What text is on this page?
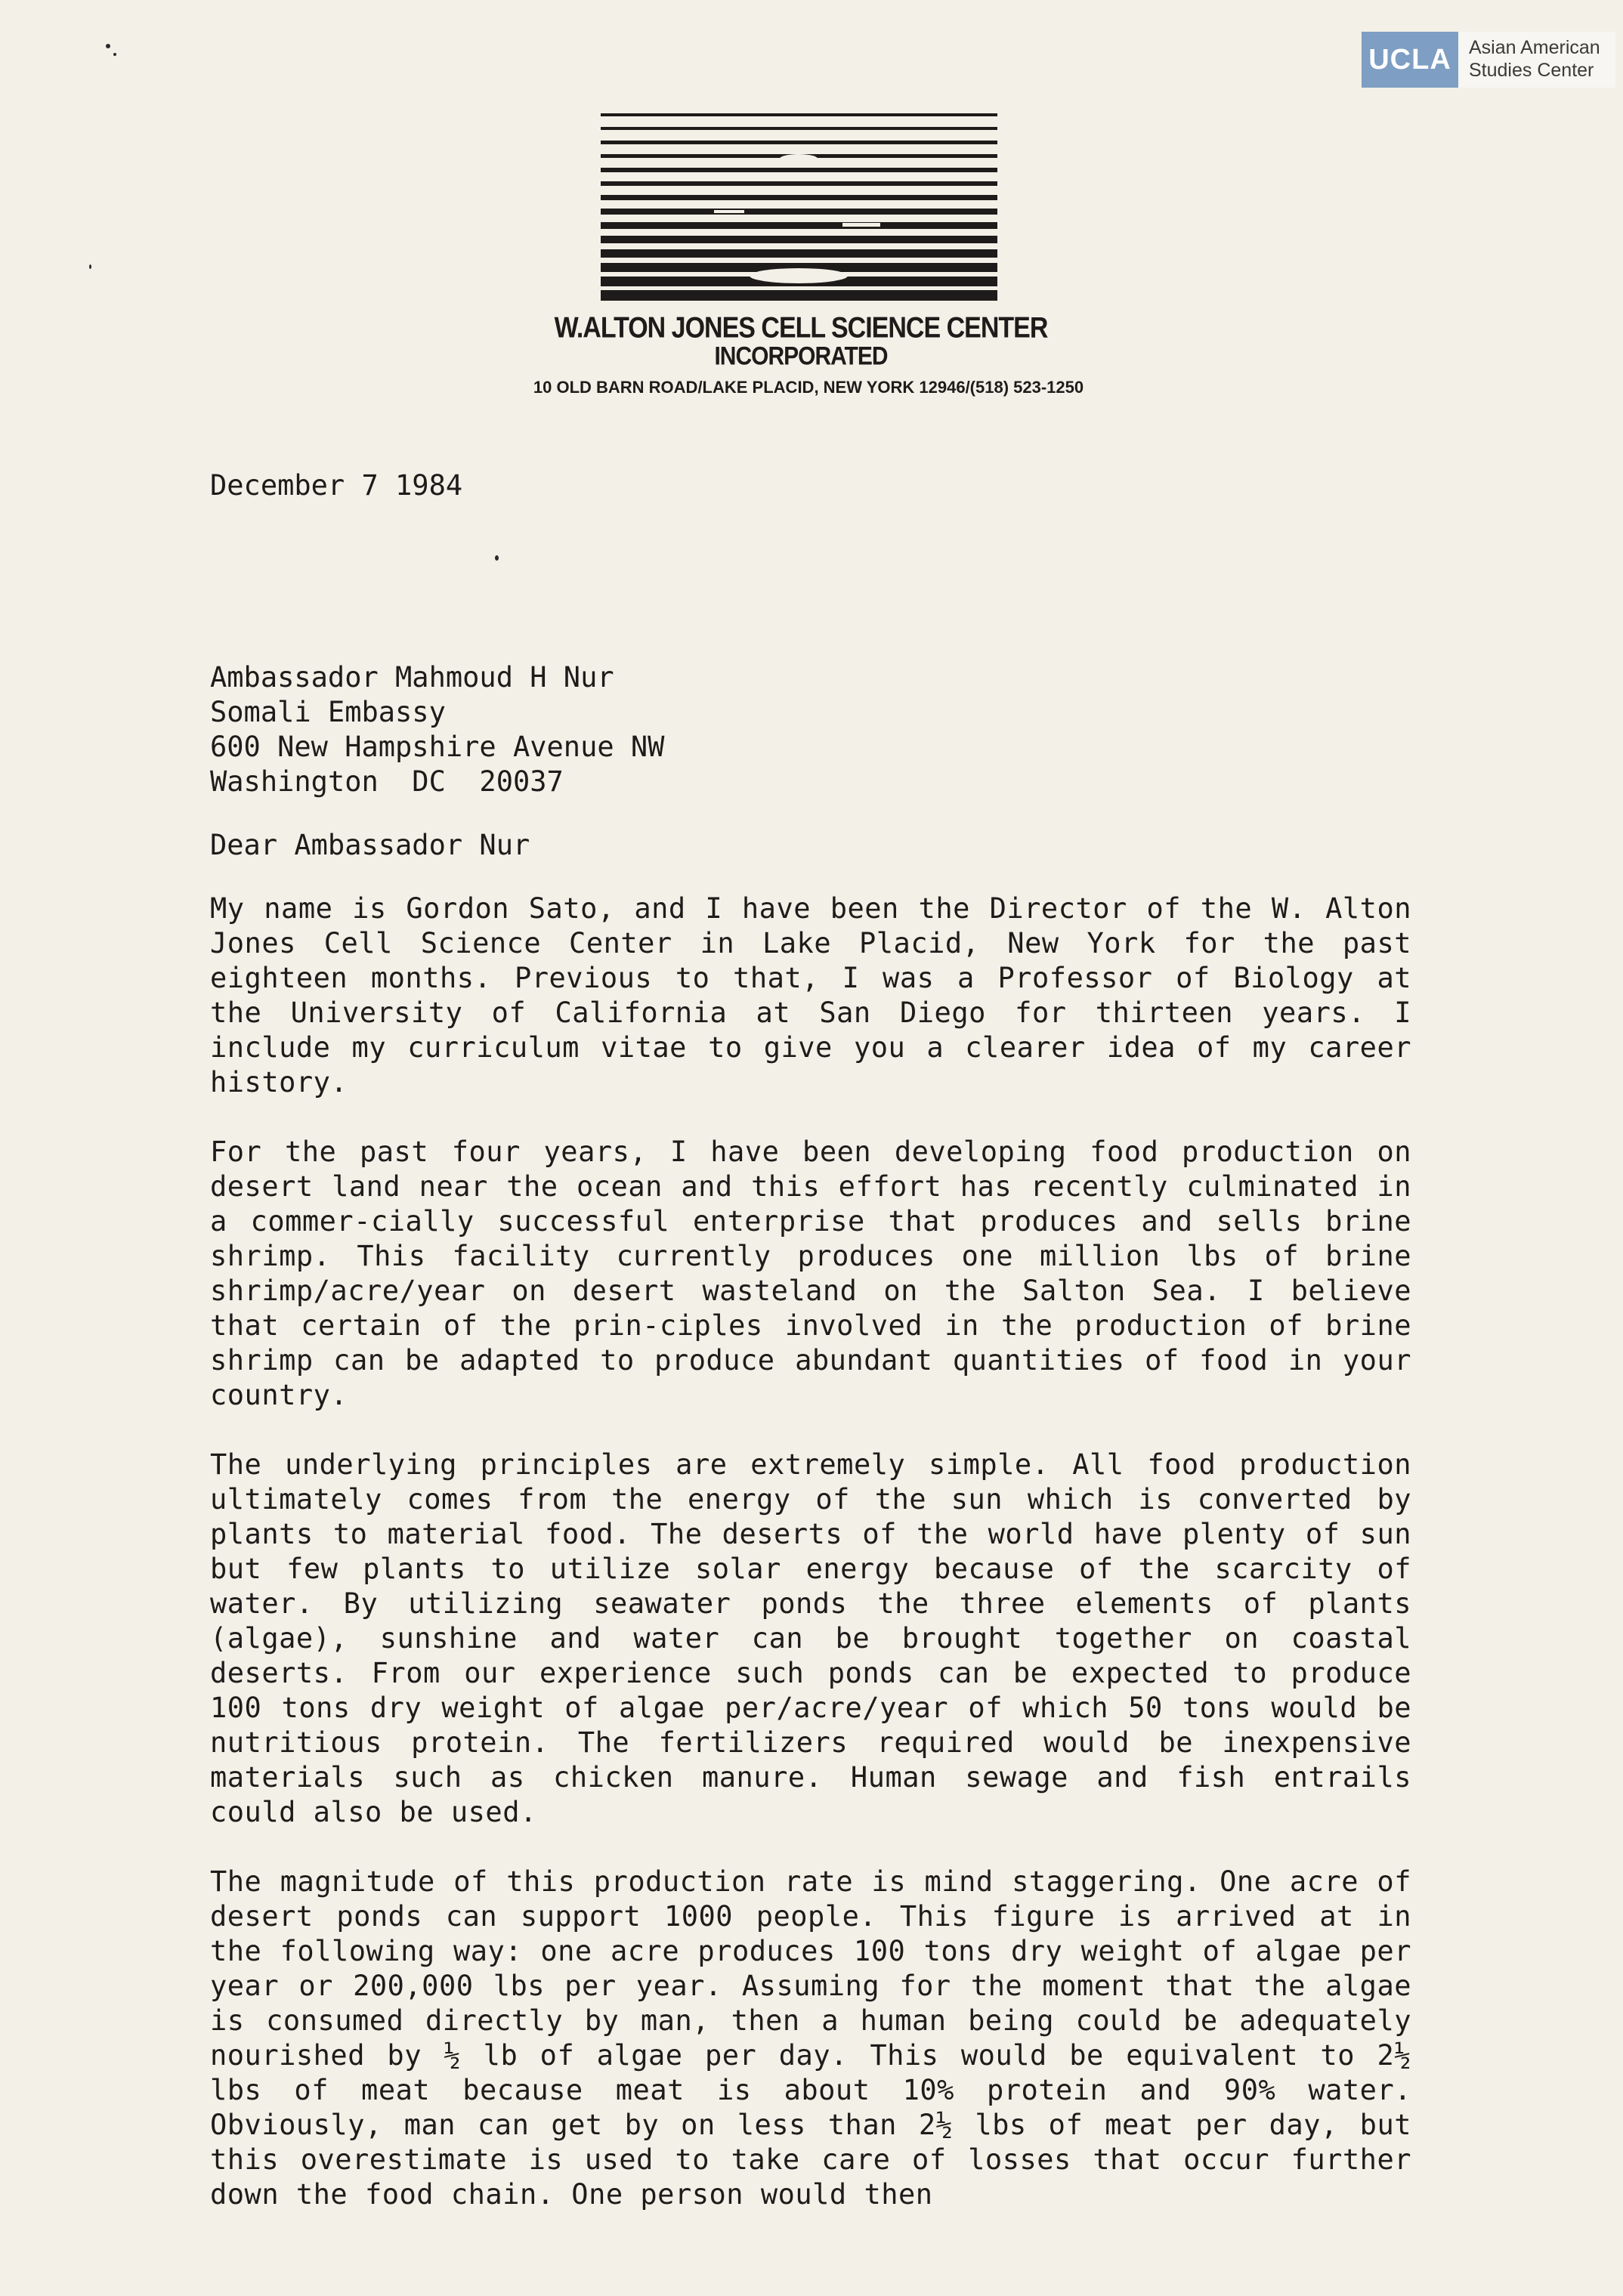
UCLA Asian American
Studies Center
W.ALTON JONES CELL SCIENCE CENTER
INCORPORATED
10 OLD BARN ROAD/LAKE PLACID, NEW YORK 12946/(518) 523-1250
December 7 1984
Ambassador Mahmoud H Nur
Somali Embassy
600 New Hampshire Avenue NW
Washington  DC  20037
Dear Ambassador Nur
My name is Gordon Sato, and I have been the Director of the W. Alton Jones Cell Science Center in Lake Placid, New York for the past eighteen months. Previous to that, I was a Professor of Biology at the University of California at San Diego for thirteen years. I include my curriculum vitae to give you a clearer idea of my career history.
For the past four years, I have been developing food production on desert land near the ocean and this effort has recently culminated in a commer-cially successful enterprise that produces and sells brine shrimp. This facility currently produces one million lbs of brine shrimp/acre/year on desert wasteland on the Salton Sea. I believe that certain of the prin-ciples involved in the production of brine shrimp can be adapted to produce abundant quantities of food in your country.
The underlying principles are extremely simple. All food production ultimately comes from the energy of the sun which is converted by plants to material food. The deserts of the world have plenty of sun but few plants to utilize solar energy because of the scarcity of water. By utilizing seawater ponds the three elements of plants (algae), sunshine and water can be brought together on coastal deserts. From our experience such ponds can be expected to produce 100 tons dry weight of algae per/acre/year of which 50 tons would be nutritious protein. The fertilizers required would be inexpensive materials such as chicken manure. Human sewage and fish entrails could also be used.
The magnitude of this production rate is mind staggering. One acre of desert ponds can support 1000 people. This figure is arrived at in the following way: one acre produces 100 tons dry weight of algae per year or 200,000 lbs per year. Assuming for the moment that the algae is consumed directly by man, then a human being could be adequately nourished by ½ lb of algae per day. This would be equivalent to 2½ lbs of meat because meat is about 10% protein and 90% water. Obviously, man can get by on less than 2½ lbs of meat per day, but this overestimate is used to take care of losses that occur further down the food chain. One person would then
